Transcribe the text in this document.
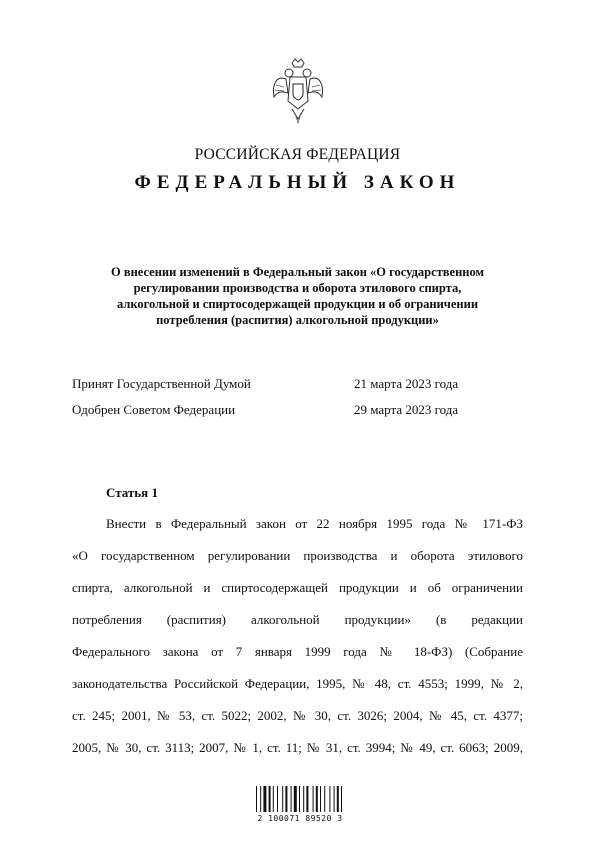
РОССИЙСКАЯ ФЕДЕРАЦИЯ
ФЕДЕРАЛЬНЫЙ ЗАКОН
О внесении изменений в Федеральный закон «О государственном
регулировании производства и оборота этилового спирта,
алкогольной и спиртосодержащей продукции и об ограничении
потребления (распития) алкогольной продукции»
Принят Государственной Думой	21 марта 2023 года
Одобрен Советом Федерации	29 марта 2023 года
Статья 1
Внести в Федеральный закон от 22 ноября 1995 года № 171-ФЗ
«О государственном регулировании производства и оборота этилового
спирта, алкогольной и спиртосодержащей продукции и об ограничении
потребления (распития) алкогольной продукции» (в редакции
Федерального закона от 7 января 1999 года № 18-ФЗ) (Собрание
законодательства Российской Федерации, 1995, № 48, ст. 4553; 1999, № 2,
ст. 245; 2001, № 53, ст. 5022; 2002, № 30, ст. 3026; 2004, № 45, ст. 4377;
2005, № 30, ст. 3113; 2007, № 1, ст. 11; № 31, ст. 3994; № 49, ст. 6063; 2009,
2 100071 89520 3
